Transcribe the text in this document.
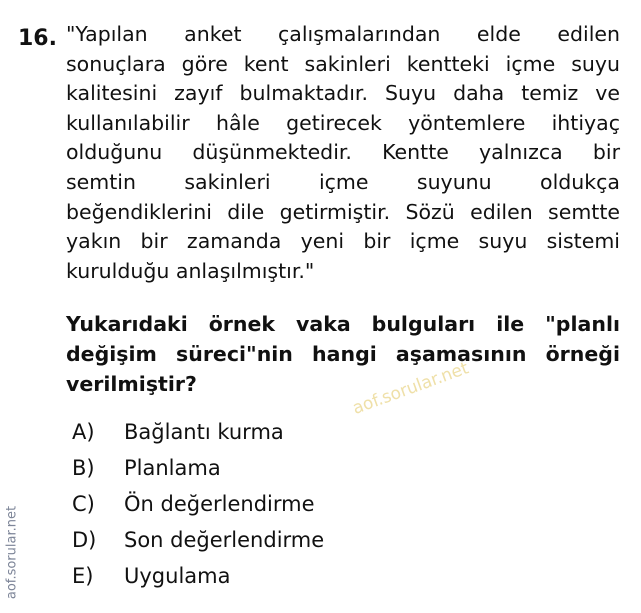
16. "Yapılan anket çalışmalarından elde edilen
sonuçlara göre kent sakinleri kentteki içme suyu
kalitesini zayıf bulmaktadır. Suyu daha temiz ve
kullanılabilir hâle getirecek yöntemlere ihtiyaç
olduğunu düşünmektedir. Kentte yalnızca bir
semtin sakinleri içme suyunu oldukça
beğendiklerini dile getirmiştir. Sözü edilen semtte
yakın bir zamanda yeni bir içme suyu sistemi
kurulduğu anlaşılmıştır."
Yukarıdaki örnek vaka bulguları ile "planlı
değişim süreci"nin hangi aşamasının örneği
verilmiştir?	aof.sorular.net
A)	Bağlantı kurma
B)	Planlama
C)	Ön değerlendirme
D)	Son değerlendirme
E)	Uygulama
aof.sorular.net
